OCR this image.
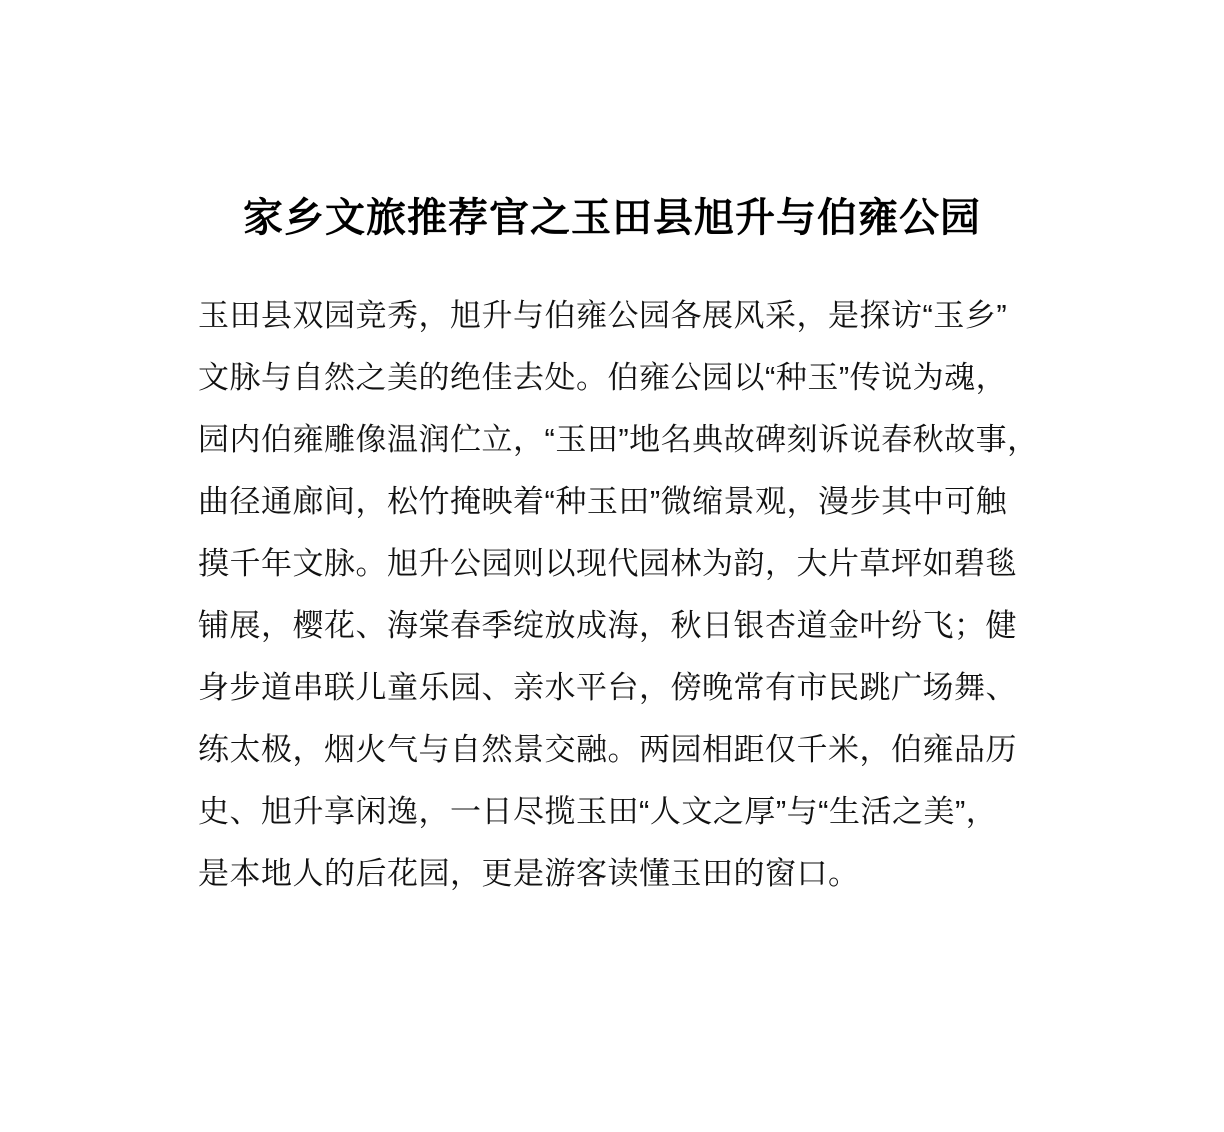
家乡文旅推荐官之玉田县旭升与伯雍公园
玉田县双园竞秀，旭升与伯雍公园各展风采，是探访“玉乡”
文脉与自然之美的绝佳去处。伯雍公园以“种玉”传说为魂，
园内伯雍雕像温润伫立，“玉田”地名典故碑刻诉说春秋故事，
曲径通廊间，松竹掩映着“种玉田”微缩景观，漫步其中可触
摸千年文脉。旭升公园则以现代园林为韵，大片草坪如碧毯
铺展，樱花、海棠春季绽放成海，秋日银杏道金叶纷飞；健
身步道串联儿童乐园、亲水平台，傍晚常有市民跳广场舞、
练太极，烟火气与自然景交融。两园相距仅千米，伯雍品历
史、旭升享闲逸，一日尽揽玉田“人文之厚”与“生活之美”，
是本地人的后花园，更是游客读懂玉田的窗口。
